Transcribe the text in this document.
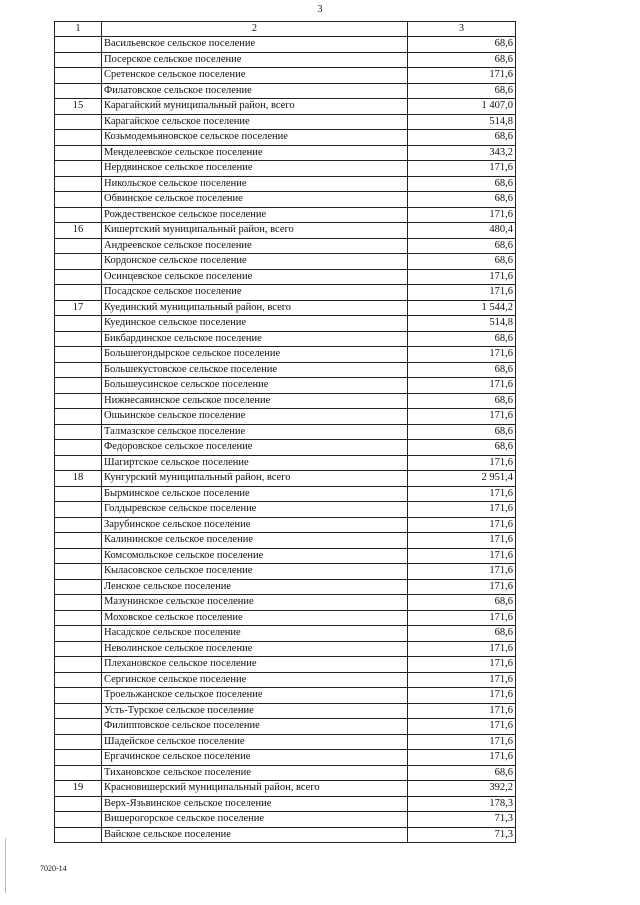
3
1	2	3
	Васильевское сельское поселение	68,6
	Посерское сельское поселение	68,6
	Сретенское сельское поселение	171,6
	Филатовское сельское поселение	68,6
15	Карагайский муниципальный район, всего	1 407,0
	Карагайское сельское поселение	514,8
	Козьмодемьяновское сельское поселение	68,6
	Менделеевское сельское поселение	343,2
	Нердвинское сельское поселение	171,6
	Никольское сельское поселение	68,6
	Обвинское сельское поселение	68,6
	Рождественское сельское поселение	171,6
16	Кишертский муниципальный район, всего	480,4
	Андреевское сельское поселение	68,6
	Кордонское сельское поселение	68,6
	Осинцевское сельское поселение	171,6
	Посадское сельское поселение	171,6
17	Куединский муниципальный район, всего	1 544,2
	Куединское сельское поселение	514,8
	Бикбардинское сельское поселение	68,6
	Большегондырское сельское поселение	171,6
	Большекустовское сельское поселение	68,6
	Большеусинское сельское поселение	171,6
	Нижнесавинское сельское поселение	68,6
	Ошьинское сельское поселение	171,6
	Талмазское сельское поселение	68,6
	Федоровское сельское поселение	68,6
	Шагиртское сельское поселение	171,6
18	Кунгурский муниципальный район, всего	2 951,4
	Бырминское сельское поселение	171,6
	Голдыревское сельское поселение	171,6
	Зарубинское сельское поселение	171,6
	Калининское сельское поселение	171,6
	Комсомольское сельское поселение	171,6
	Кыласовское сельское поселение	171,6
	Ленское сельское поселение	171,6
	Мазунинское сельское поселение	68,6
	Моховское сельское поселение	171,6
	Насадское сельское поселение	68,6
	Неволинское сельское поселение	171,6
	Плехановское сельское поселение	171,6
	Сергинское сельское поселение	171,6
	Троельжанское сельское поселение	171,6
	Усть-Турское сельское поселение	171,6
	Филипповское сельское поселение	171,6
	Шадейское сельское поселение	171,6
	Ергачинское сельское поселение	171,6
	Тихановское сельское поселение	68,6
19	Красновишерский муниципальный район, всего	392,2
	Верх-Язьвинское сельское поселение	178,3
	Вишерогорское сельское поселение	71,3
	Вайское сельское поселение	71,3
7020-14
